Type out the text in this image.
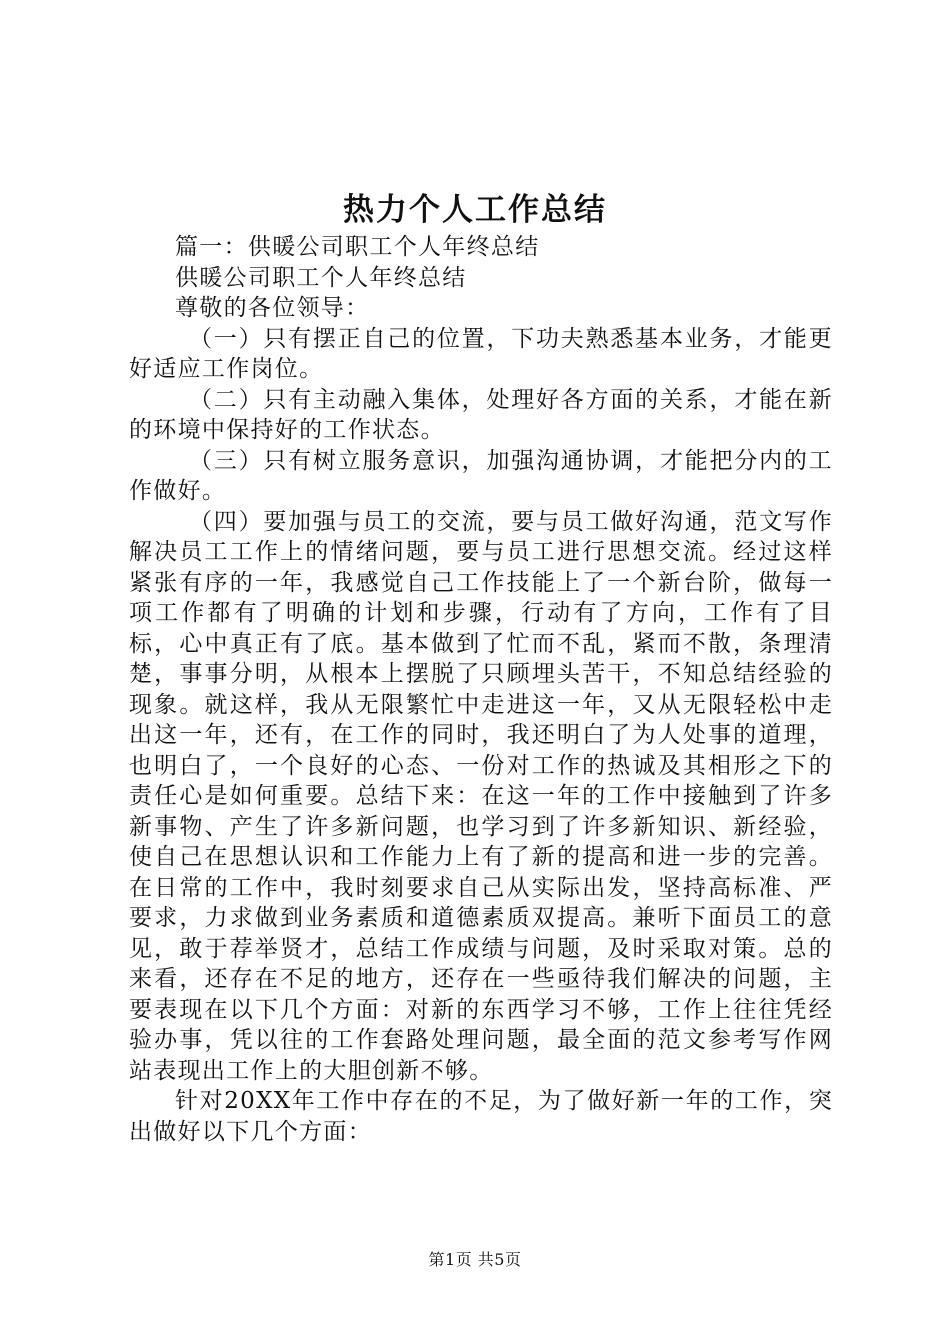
热力个人工作总结

篇一：供暖公司职工个人年终总结

供暖公司职工个人年终总结

尊敬的各位领导：

（一）只有摆正自己的位置，下功夫熟悉基本业务，才能更好适应工作岗位。

（二）只有主动融入集体，处理好各方面的关系，才能在新的环境中保持好的工作状态。

（三）只有树立服务意识，加强沟通协调，才能把分内的工作做好。

（四）要加强与员工的交流，要与员工做好沟通，范文写作解决员工工作上的情绪问题，要与员工进行思想交流。经过这样紧张有序的一年，我感觉自己工作技能上了一个新台阶，做每一项工作都有了明确的计划和步骤，行动有了方向，工作有了目标，心中真正有了底。基本做到了忙而不乱，紧而不散，条理清楚，事事分明，从根本上摆脱了只顾埋头苦干，不知总结经验的现象。就这样，我从无限繁忙中走进这一年，又从无限轻松中走出这一年，还有，在工作的同时，我还明白了为人处事的道理，也明白了，一个良好的心态、一份对工作的热诚及其相形之下的责任心是如何重要。总结下来：在这一年的工作中接触到了许多新事物、产生了许多新问题，也学习到了许多新知识、新经验，使自己在思想认识和工作能力上有了新的提高和进一步的完善。在日常的工作中，我时刻要求自己从实际出发，坚持高标准、严要求，力求做到业务素质和道德素质双提高。兼听下面员工的意见，敢于荐举贤才，总结工作成绩与问题，及时采取对策。总的来看，还存在不足的地方，还存在一些亟待我们解决的问题，主要表现在以下几个方面：对新的东西学习不够，工作上往往凭经验办事，凭以往的工作套路处理问题，最全面的范文参考写作网站表现出工作上的大胆创新不够。

针对20XX年工作中存在的不足，为了做好新一年的工作，突出做好以下几个方面：

第1页 共5页
